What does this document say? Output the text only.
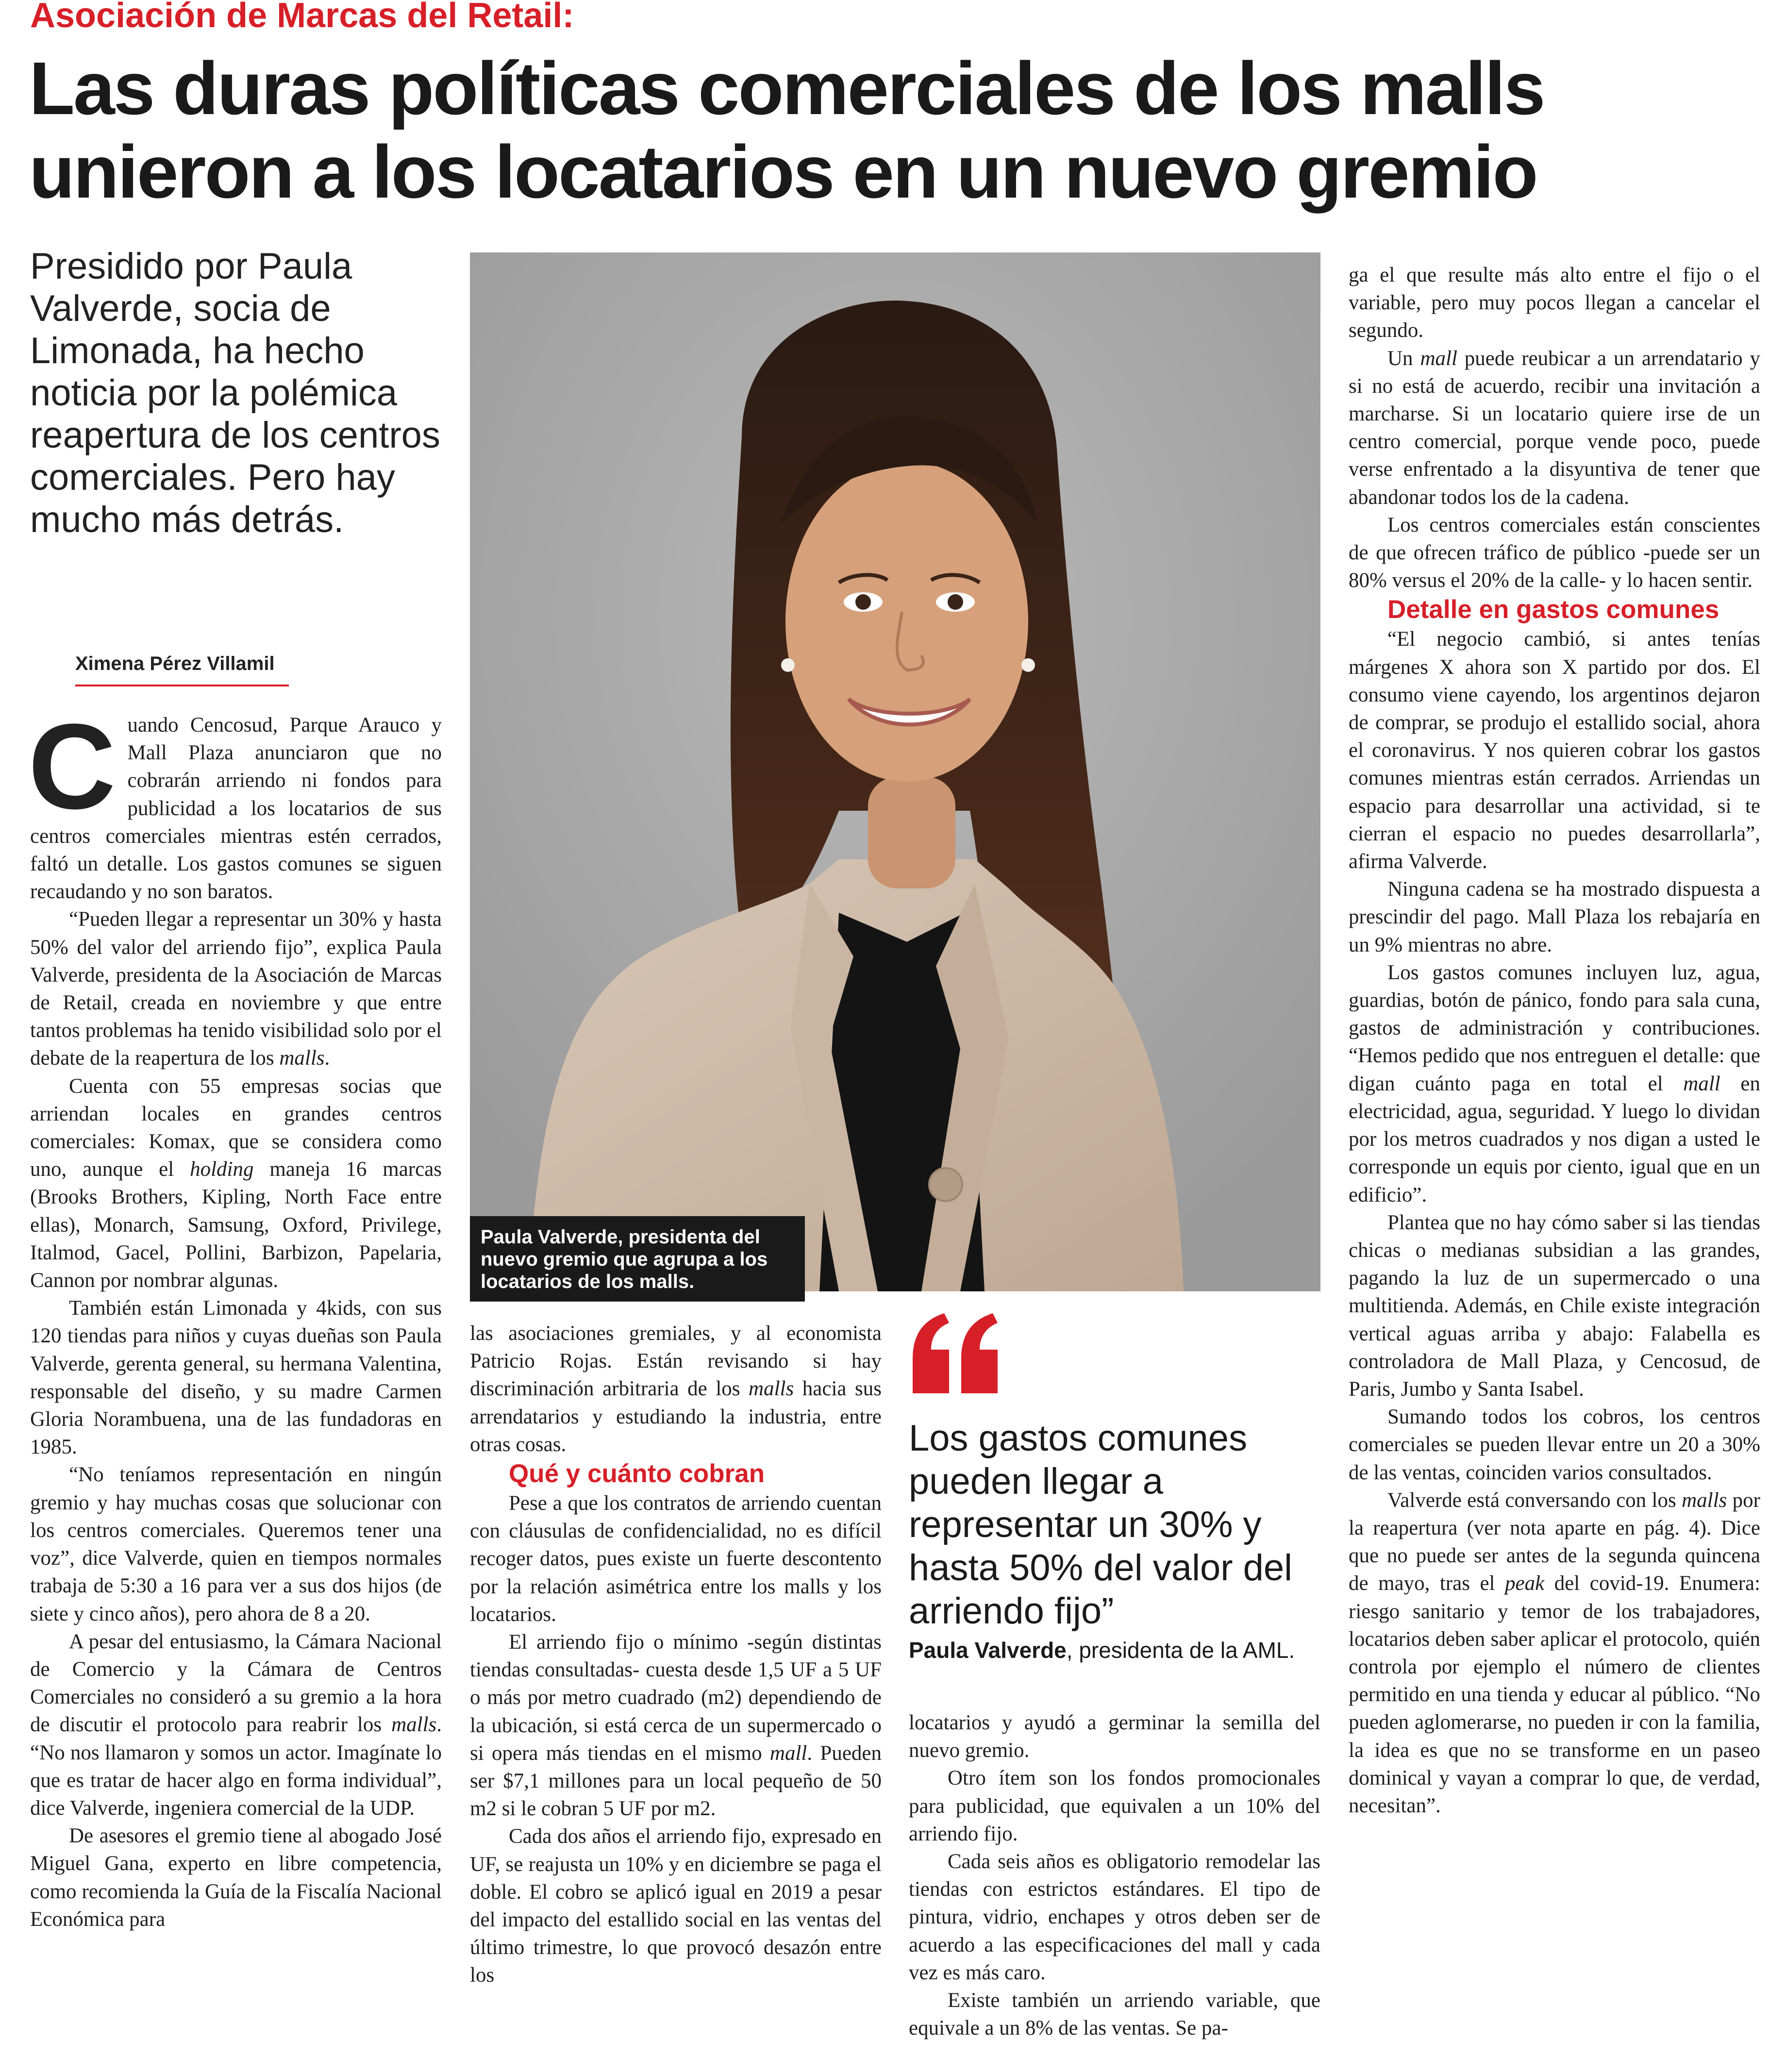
Asociación de Marcas del Retail:
Las duras políticas comerciales de los malls
unieron a los locatarios en un nuevo gremio

Presidido por Paula Valverde, socia de Limonada, ha hecho noticia por la polémica reapertura de los centros comerciales. Pero hay mucho más detrás.

Ximena Pérez Villamil

Paula Valverde, presidenta del nuevo gremio que agrupa a los locatarios de los malls.

Cuando Cencosud, Parque Arauco y Mall Plaza anunciaron que no cobrarán arriendo ni fondos para publicidad a los locatarios de sus centros comerciales mientras estén cerrados, faltó un detalle. Los gastos comunes se siguen recaudando y no son baratos.

“Pueden llegar a representar un 30% y hasta 50% del valor del arriendo fijo”, explica Paula Valverde, presidenta de la Asociación de Marcas de Retail, creada en noviembre y que entre tantos problemas ha tenido visibilidad solo por el debate de la reapertura de los malls.

Cuenta con 55 empresas socias que arriendan locales en grandes centros comerciales: Komax, que se considera como uno, aunque el holding maneja 16 marcas (Brooks Brothers, Kipling, North Face entre ellas), Monarch, Samsung, Oxford, Privilege, Italmod, Gacel, Pollini, Barbizon, Papelaria, Cannon por nombrar algunas.

También están Limonada y 4kids, con sus 120 tiendas para niños y cuyas dueñas son Paula Valverde, gerenta general, su hermana Valentina, responsable del diseño, y su madre Carmen Gloria Norambuena, una de las fundadoras en 1985.

“No teníamos representación en ningún gremio y hay muchas cosas que solucionar con los centros comerciales. Queremos tener una voz”, dice Valverde, quien en tiempos normales trabaja de 5:30 a 16 para ver a sus dos hijos (de siete y cinco años), pero ahora de 8 a 20.

A pesar del entusiasmo, la Cámara Nacional de Comercio y la Cámara de Centros Comerciales no consideró a su gremio a la hora de discutir el protocolo para reabrir los malls. “No nos llamaron y somos un actor. Imagínate lo que es tratar de hacer algo en forma individual”, dice Valverde, ingeniera comercial de la UDP.

De asesores el gremio tiene al abogado José Miguel Gana, experto en libre competencia, como recomienda la Guía de la Fiscalía Nacional Económica para

las asociaciones gremiales, y al economista Patricio Rojas. Están revisando si hay discriminación arbitraria de los malls hacia sus arrendatarios y estudiando la industria, entre otras cosas.

Qué y cuánto cobran

Pese a que los contratos de arriendo cuentan con cláusulas de confidencialidad, no es difícil recoger datos, pues existe un fuerte descontento por la relación asimétrica entre los malls y los locatarios.

El arriendo fijo o mínimo -según distintas tiendas consultadas- cuesta desde 1,5 UF a 5 UF o más por metro cuadrado (m2) dependiendo de la ubicación, si está cerca de un supermercado o si opera más tiendas en el mismo mall. Pueden ser $7,1 millones para un local pequeño de 50 m2 si le cobran 5 UF por m2.

Cada dos años el arriendo fijo, expresado en UF, se reajusta un 10% y en diciembre se paga el doble. El cobro se aplicó igual en 2019 a pesar del impacto del estallido social en las ventas del último trimestre, lo que provocó desazón entre los

Los gastos comunes pueden llegar a representar un 30% y hasta 50% del valor del arriendo fijo”

Paula Valverde, presidenta de la AML.

locatarios y ayudó a germinar la semilla del nuevo gremio.

Otro ítem son los fondos promocionales para publicidad, que equivalen a un 10% del arriendo fijo.

Cada seis años es obligatorio remodelar las tiendas con estrictos estándares. El tipo de pintura, vidrio, enchapes y otros deben ser de acuerdo a las especificaciones del mall y cada vez es más caro.

Existe también un arriendo variable, que equivale a un 8% de las ventas. Se pa-

ga el que resulte más alto entre el fijo o el variable, pero muy pocos llegan a cancelar el segundo.

Un mall puede reubicar a un arrendatario y si no está de acuerdo, recibir una invitación a marcharse. Si un locatario quiere irse de un centro comercial, porque vende poco, puede verse enfrentado a la disyuntiva de tener que abandonar todos los de la cadena.

Los centros comerciales están conscientes de que ofrecen tráfico de público -puede ser un 80% versus el 20% de la calle- y lo hacen sentir.

Detalle en gastos comunes

“El negocio cambió, si antes tenías márgenes X ahora son X partido por dos. El consumo viene cayendo, los argentinos dejaron de comprar, se produjo el estallido social, ahora el coronavirus. Y nos quieren cobrar los gastos comunes mientras están cerrados. Arriendas un espacio para desarrollar una actividad, si te cierran el espacio no puedes desarrollarla”, afirma Valverde.

Ninguna cadena se ha mostrado dispuesta a prescindir del pago. Mall Plaza los rebajaría en un 9% mientras no abre.

Los gastos comunes incluyen luz, agua, guardias, botón de pánico, fondo para sala cuna, gastos de administración y contribuciones. “Hemos pedido que nos entreguen el detalle: que digan cuánto paga en total el mall en electricidad, agua, seguridad. Y luego lo dividan por los metros cuadrados y nos digan a usted le corresponde un equis por ciento, igual que en un edificio”.

Plantea que no hay cómo saber si las tiendas chicas o medianas subsidian a las grandes, pagando la luz de un supermercado o una multitienda. Además, en Chile existe integración vertical aguas arriba y abajo: Falabella es controladora de Mall Plaza, y Cencosud, de Paris, Jumbo y Santa Isabel.

Sumando todos los cobros, los centros comerciales se pueden llevar entre un 20 a 30% de las ventas, coinciden varios consultados.

Valverde está conversando con los malls por la reapertura (ver nota aparte en pág. 4). Dice que no puede ser antes de la segunda quincena de mayo, tras el peak del covid-19. Enumera: riesgo sanitario y temor de los trabajadores, locatarios deben saber aplicar el protocolo, quién controla por ejemplo el número de clientes permitido en una tienda y educar al público. “No pueden aglomerarse, no pueden ir con la familia, la idea es que no se transforme en un paseo dominical y vayan a comprar lo que, de verdad, necesitan”.
